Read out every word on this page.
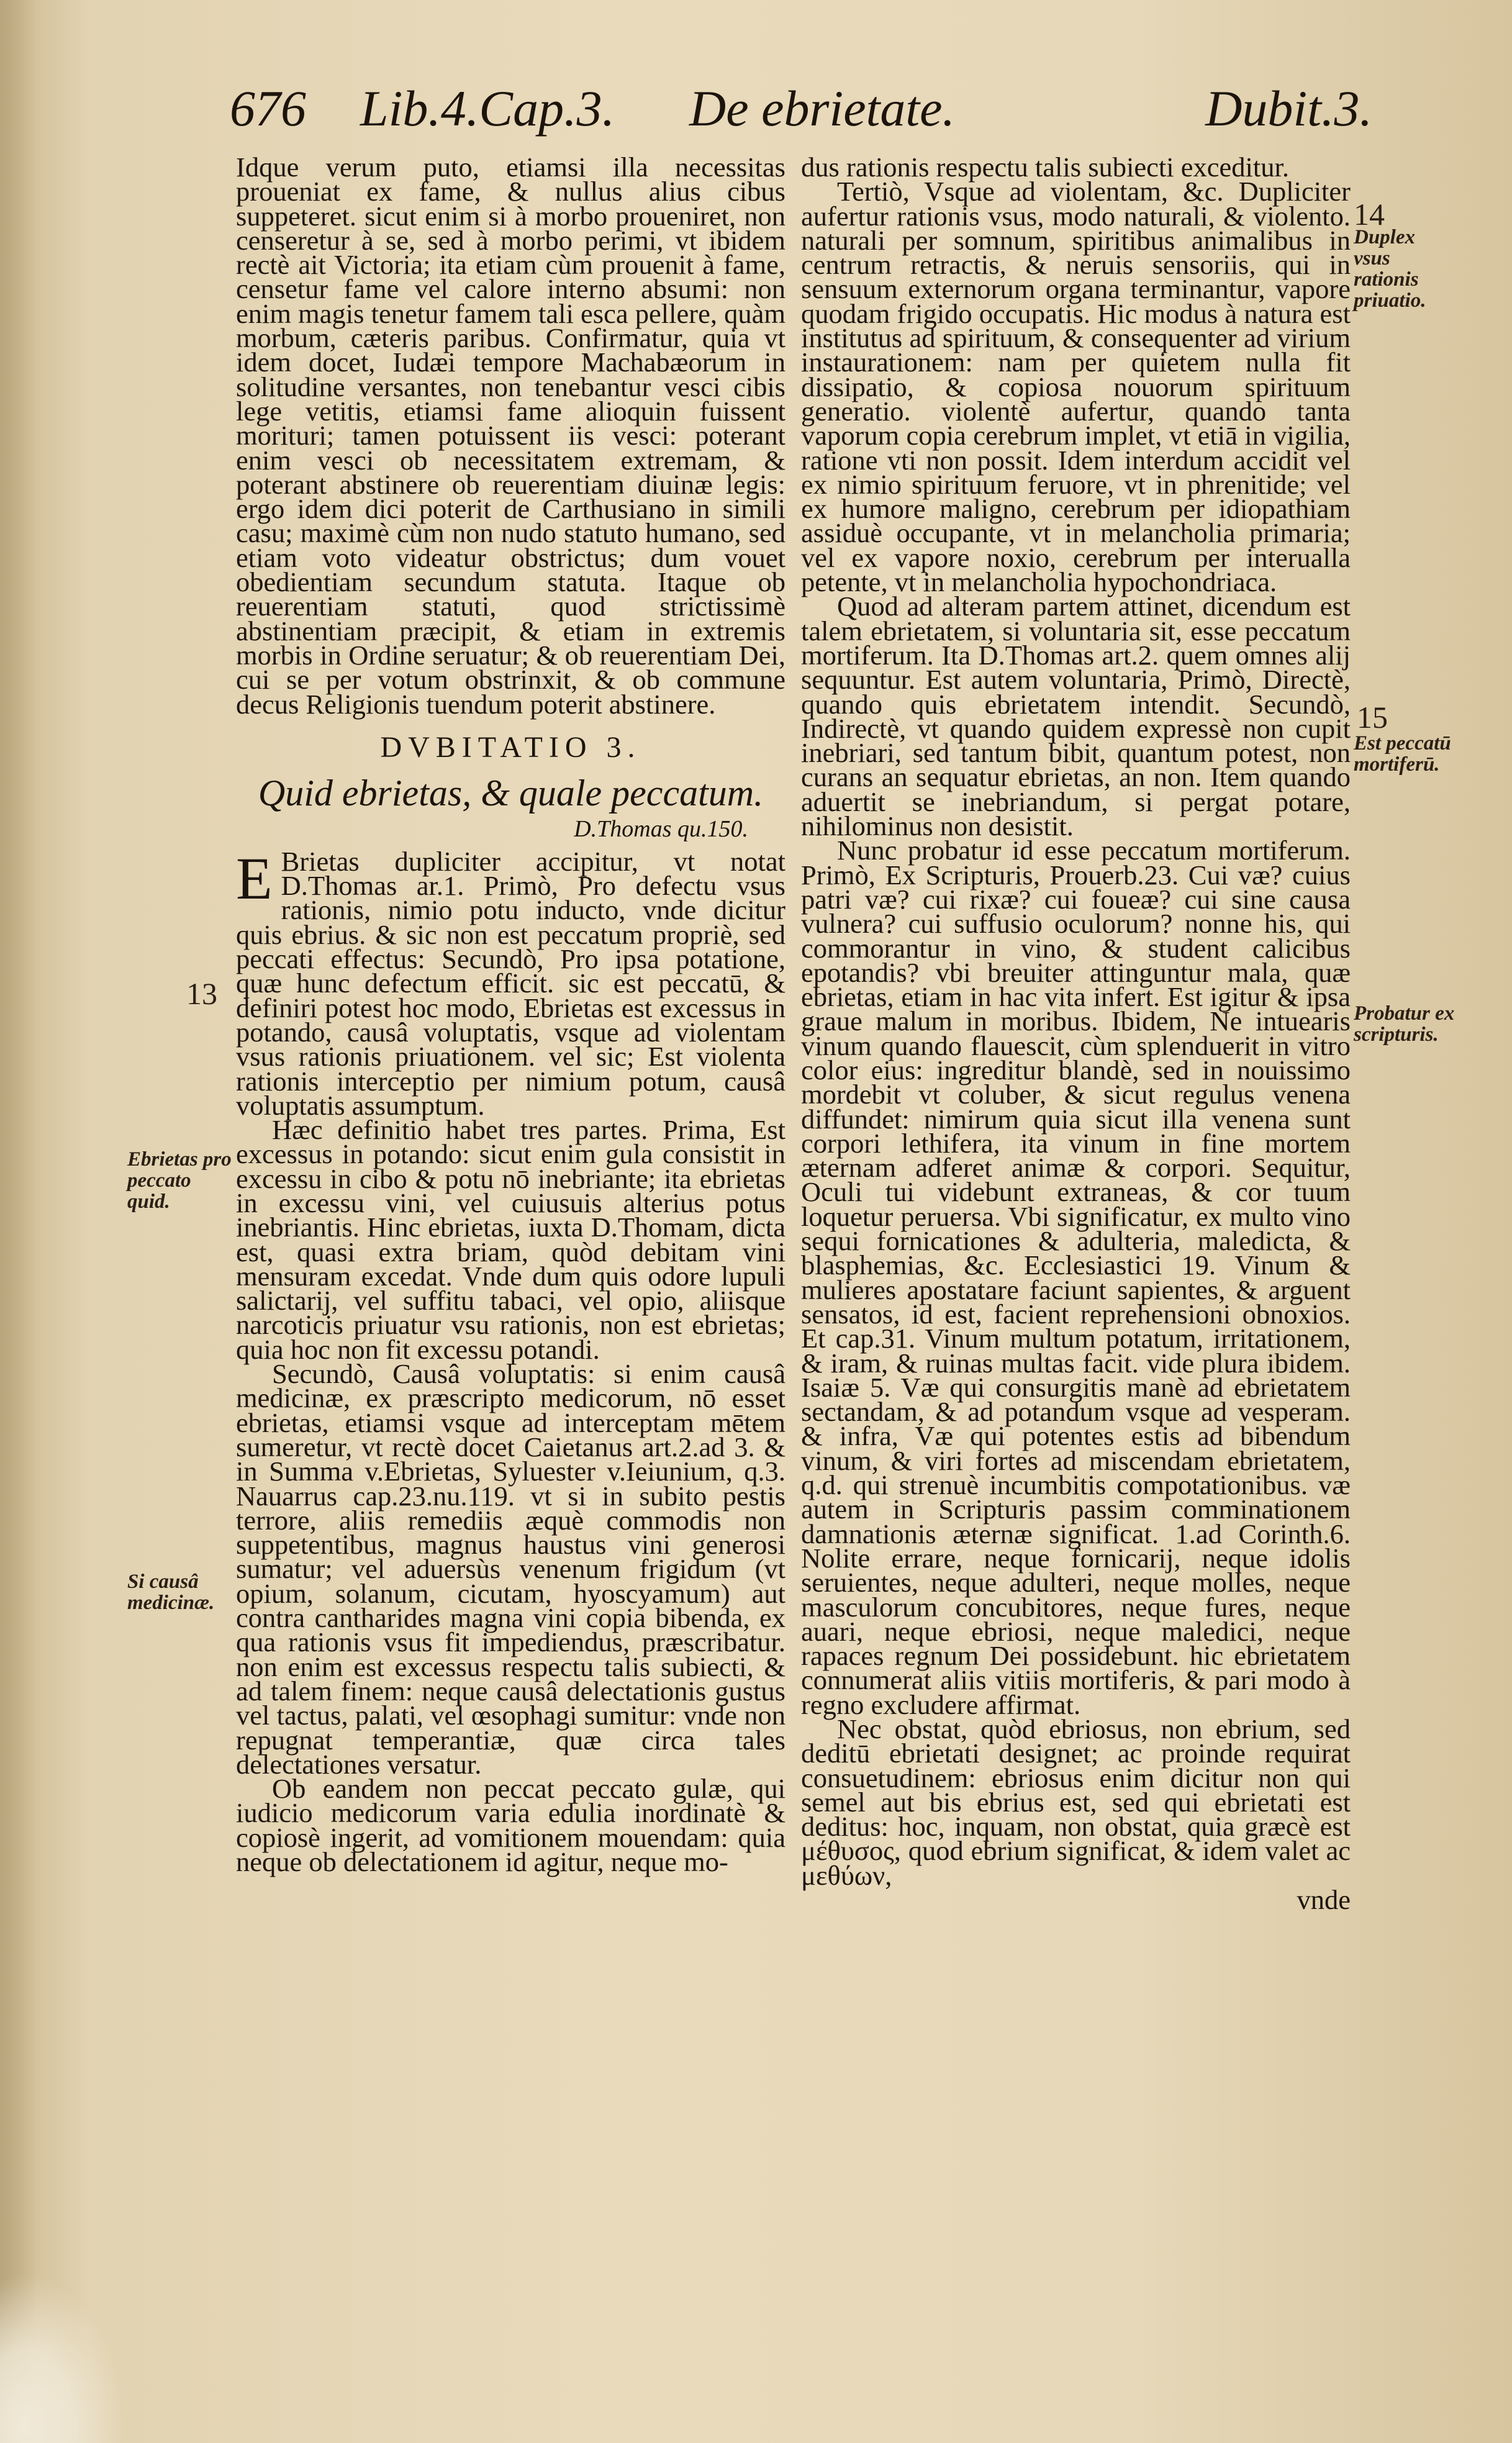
676 Lib.4.Cap.3. De ebrietate.	Dubit.3.

Idque verum puto, etiamsi illa necessitas proueniat ex fame, & nullus alius cibus suppeteret. sicut enim si à morbo proueniret, non censeretur à se, sed à morbo perimi, vt ibidem rectè ait Victoria; ita etiam cùm prouenit à fame, censetur fame vel calore interno absumi: non enim magis tenetur famem tali esca pellere, quàm morbum, cæteris paribus. Confirmatur, quia vt idem docet, Iudæi tempore Machabæorum in solitudine versantes, non tenebantur vesci cibis lege vetitis, etiamsi fame alioquin fuissent morituri; tamen potuissent iis vesci: poterant enim vesci ob necessitatem extremam, & poterant abstinere ob reuerentiam diuinæ legis: ergo idem dici poterit de Carthusiano in simili casu; maximè cùm non nudo statuto humano, sed etiam voto videatur obstrictus; dum vouet obedientiam secundum statuta. Itaque ob reuerentiam statuti, quod strictissimè abstinentiam præcipit, & etiam in extremis morbis in Ordine seruatur; & ob reuerentiam Dei, cui se per votum obstrinxit, & ob commune decus Religionis tuendum poterit abstinere.

DVBITATIO 3.
Quid ebrietas, & quale peccatum.
D.Thomas qu.150.

E Brietas dupliciter accipitur, vt notat D.Thomas ar.1. Primò, Pro defectu vsus rationis, nimio potu inducto, vnde dicitur quis ebrius. & sic non est peccatum propriè, sed peccati effectus: Secundò, Pro ipsa potatione, quæ hunc defectum efficit. sic est peccatū, & definiri potest hoc modo, Ebrietas est excessus in potando, causâ voluptatis, vsque ad violentam vsus rationis priuationem. vel sic; Est violenta rationis interceptio per nimium potum, causâ voluptatis assumptum.

Hæc definitio habet tres partes. Prima, Est excessus in potando: sicut enim gula consistit in excessu in cibo & potu nō inebriante; ita ebrietas in excessu vini, vel cuiusuis alterius potus inebriantis. Hinc ebrietas, iuxta D.Thomam, dicta est, quasi extra briam, quòd debitam vini mensuram excedat. Vnde dum quis odore lupuli salictarij, vel suffitu tabaci, vel opio, aliisque narcoticis priuatur vsu rationis, non est ebrietas; quia hoc non fit excessu potandi.

Secundò, Causâ voluptatis: si enim causâ medicinæ, ex præscripto medicorum, nō esset ebrietas, etiamsi vsque ad interceptam mētem sumeretur, vt rectè docet Caietanus art.2.ad 3. & in Summa v.Ebrietas, Syluester v.Ieiunium, q.3. Nauarrus cap.23.nu.119. vt si in subito pestis terrore, aliis remediis æquè commodis non suppetentibus, magnus haustus vini generosi sumatur; vel aduersùs venenum frigidum (vt opium, solanum, cicutam, hyoscyamum) aut contra cantharides magna vini copia bibenda, ex qua rationis vsus fit impediendus, præscribatur. non enim est excessus respectu talis subiecti, & ad talem finem: neque causâ delectationis gustus vel tactus, palati, vel œsophagi sumitur: vnde non repugnat temperantiæ, quæ circa tales delectationes versatur.

Ob eandem non peccat peccato gulæ, qui iudicio medicorum varia edulia inordinatè & copiosè ingerit, ad vomitionem mouendam: quia neque ob delectationem id agitur, neque mo-

dus rationis respectu talis subiecti exceditur.

Tertiò, Vsque ad violentam, &c. Dupliciter aufertur rationis vsus, modo naturali, & violento. naturali per somnum, spiritibus animalibus in centrum retractis, & neruis sensoriis, qui in sensuum externorum organa terminantur, vapore quodam frigido occupatis. Hic modus à natura est institutus ad spirituum, & consequenter ad virium instaurationem: nam per quietem nulla fit dissipatio, & copiosa nouorum spirituum generatio. violentè aufertur, quando tanta vaporum copia cerebrum implet, vt etiā in vigilia, ratione vti non possit. Idem interdum accidit vel ex nimio spirituum feruore, vt in phrenitide; vel ex humore maligno, cerebrum per idiopathiam assiduè occupante, vt in melancholia primaria; vel ex vapore noxio, cerebrum per interualla petente, vt in melancholia hypochondriaca.

Quod ad alteram partem attinet, dicendum est talem ebrietatem, si voluntaria sit, esse peccatum mortiferum. Ita D.Thomas art.2. quem omnes alij sequuntur. Est autem voluntaria, Primò, Directè, quando quis ebrietatem intendit. Secundò, Indirectè, vt quando quidem expressè non cupit inebriari, sed tantum bibit, quantum potest, non curans an sequatur ebrietas, an non. Item quando aduertit se inebriandum, si pergat potare, nihilominus non desistit.

Nunc probatur id esse peccatum mortiferum. Primò, Ex Scripturis, Prouerb.23. Cui væ? cuius patri væ? cui rixæ? cui foueæ? cui sine causa vulnera? cui suffusio oculorum? nonne his, qui commorantur in vino, & student calicibus epotandis? vbi breuiter attinguntur mala, quæ ebrietas, etiam in hac vita infert. Est igitur & ipsa graue malum in moribus. Ibidem, Ne intuearis vinum quando flauescit, cùm splenduerit in vitro color eius: ingreditur blandè, sed in nouissimo mordebit vt coluber, & sicut regulus venena diffundet: nimirum quia sicut illa venena sunt corpori lethifera, ita vinum in fine mortem æternam adferet animæ & corpori. Sequitur, Oculi tui videbunt extraneas, & cor tuum loquetur peruersa. Vbi significatur, ex multo vino sequi fornicationes & adulteria, maledicta, & blasphemias, &c. Ecclesiastici 19. Vinum & mulieres apostatare faciunt sapientes, & arguent sensatos, id est, facient reprehensioni obnoxios. Et cap.31. Vinum multum potatum, irritationem, & iram, & ruinas multas facit. vide plura ibidem. Isaiæ 5. Væ qui consurgitis manè ad ebrietatem sectandam, & ad potandum vsque ad vesperam. & infra, Væ qui potentes estis ad bibendum vinum, & viri fortes ad miscendam ebrietatem, q.d. qui strenuè incumbitis compotationibus. væ autem in Scripturis passim comminationem damnationis æternæ significat. 1.ad Corinth.6. Nolite errare, neque fornicarij, neque idolis seruientes, neque adulteri, neque molles, neque masculorum concubitores, neque fures, neque auari, neque ebriosi, neque maledici, neque rapaces regnum Dei possidebunt. hic ebrietatem connumerat aliis vitiis mortiferis, & pari modo à regno excludere affirmat.

Nec obstat, quòd ebriosus, non ebrium, sed deditū ebrietati designet; ac proinde requirat consuetudinem: ebriosus enim dicitur non qui semel aut bis ebrius est, sed qui ebrietati est deditus: hoc, inquam, non obstat, quia græcè est μέθυσος, quod ebrium significat, & idem valet ac μεθύων,

vnde

13
Ebrietas pro peccato quid.
Si causâ medicinæ.
14
Duplex vsus rationis priuatio.
15
Est peccatū mortiferū.
Probatur ex scripturis.
